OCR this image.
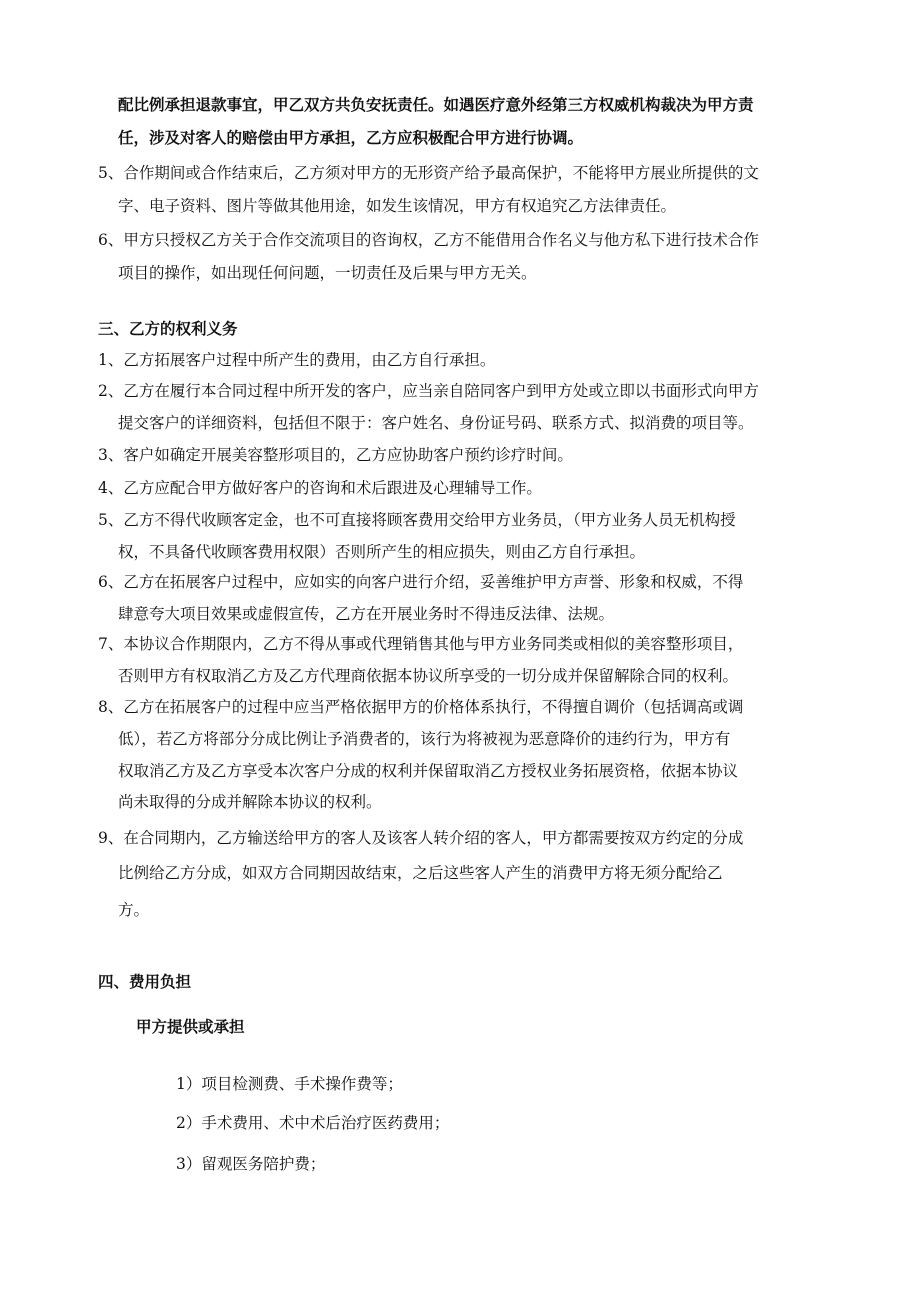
配比例承担退款事宜，甲乙双方共负安抚责任。如遇医疗意外经第三方权威机构裁决为甲方责
任，涉及对客人的赔偿由甲方承担，乙方应积极配合甲方进行协调。
5、合作期间或合作结束后，乙方须对甲方的无形资产给予最高保护，不能将甲方展业所提供的文
字、电子资料、图片等做其他用途，如发生该情况，甲方有权追究乙方法律责任。
6、甲方只授权乙方关于合作交流项目的咨询权，乙方不能借用合作名义与他方私下进行技术合作
项目的操作，如出现任何问题，一切责任及后果与甲方无关。
三、乙方的权利义务
1、乙方拓展客户过程中所产生的费用，由乙方自行承担。
2、乙方在履行本合同过程中所开发的客户，应当亲自陪同客户到甲方处或立即以书面形式向甲方
提交客户的详细资料，包括但不限于：客户姓名、身份证号码、联系方式、拟消费的项目等。
3、客户如确定开展美容整形项目的，乙方应协助客户预约诊疗时间。
4、乙方应配合甲方做好客户的咨询和术后跟进及心理辅导工作。
5、乙方不得代收顾客定金，也不可直接将顾客费用交给甲方业务员，（甲方业务人员无机构授
权，不具备代收顾客费用权限）否则所产生的相应损失，则由乙方自行承担。
6、乙方在拓展客户过程中，应如实的向客户进行介绍，妥善维护甲方声誉、形象和权威，不得
肆意夸大项目效果或虚假宣传，乙方在开展业务时不得违反法律、法规。
7、本协议合作期限内，乙方不得从事或代理销售其他与甲方业务同类或相似的美容整形项目，
否则甲方有权取消乙方及乙方代理商依据本协议所享受的一切分成并保留解除合同的权利。
8、乙方在拓展客户的过程中应当严格依据甲方的价格体系执行，不得擅自调价（包括调高或调
低），若乙方将部分分成比例让予消费者的，该行为将被视为恶意降价的违约行为，甲方有
权取消乙方及乙方享受本次客户分成的权利并保留取消乙方授权业务拓展资格，依据本协议
尚未取得的分成并解除本协议的权利。
9、在合同期内，乙方输送给甲方的客人及该客人转介绍的客人，甲方都需要按双方约定的分成
比例给乙方分成，如双方合同期因故结束，之后这些客人产生的消费甲方将无须分配给乙
方。
四、费用负担
甲方提供或承担
1）项目检测费、手术操作费等；
2）手术费用、术中术后治疗医药费用；
3）留观医务陪护费；
